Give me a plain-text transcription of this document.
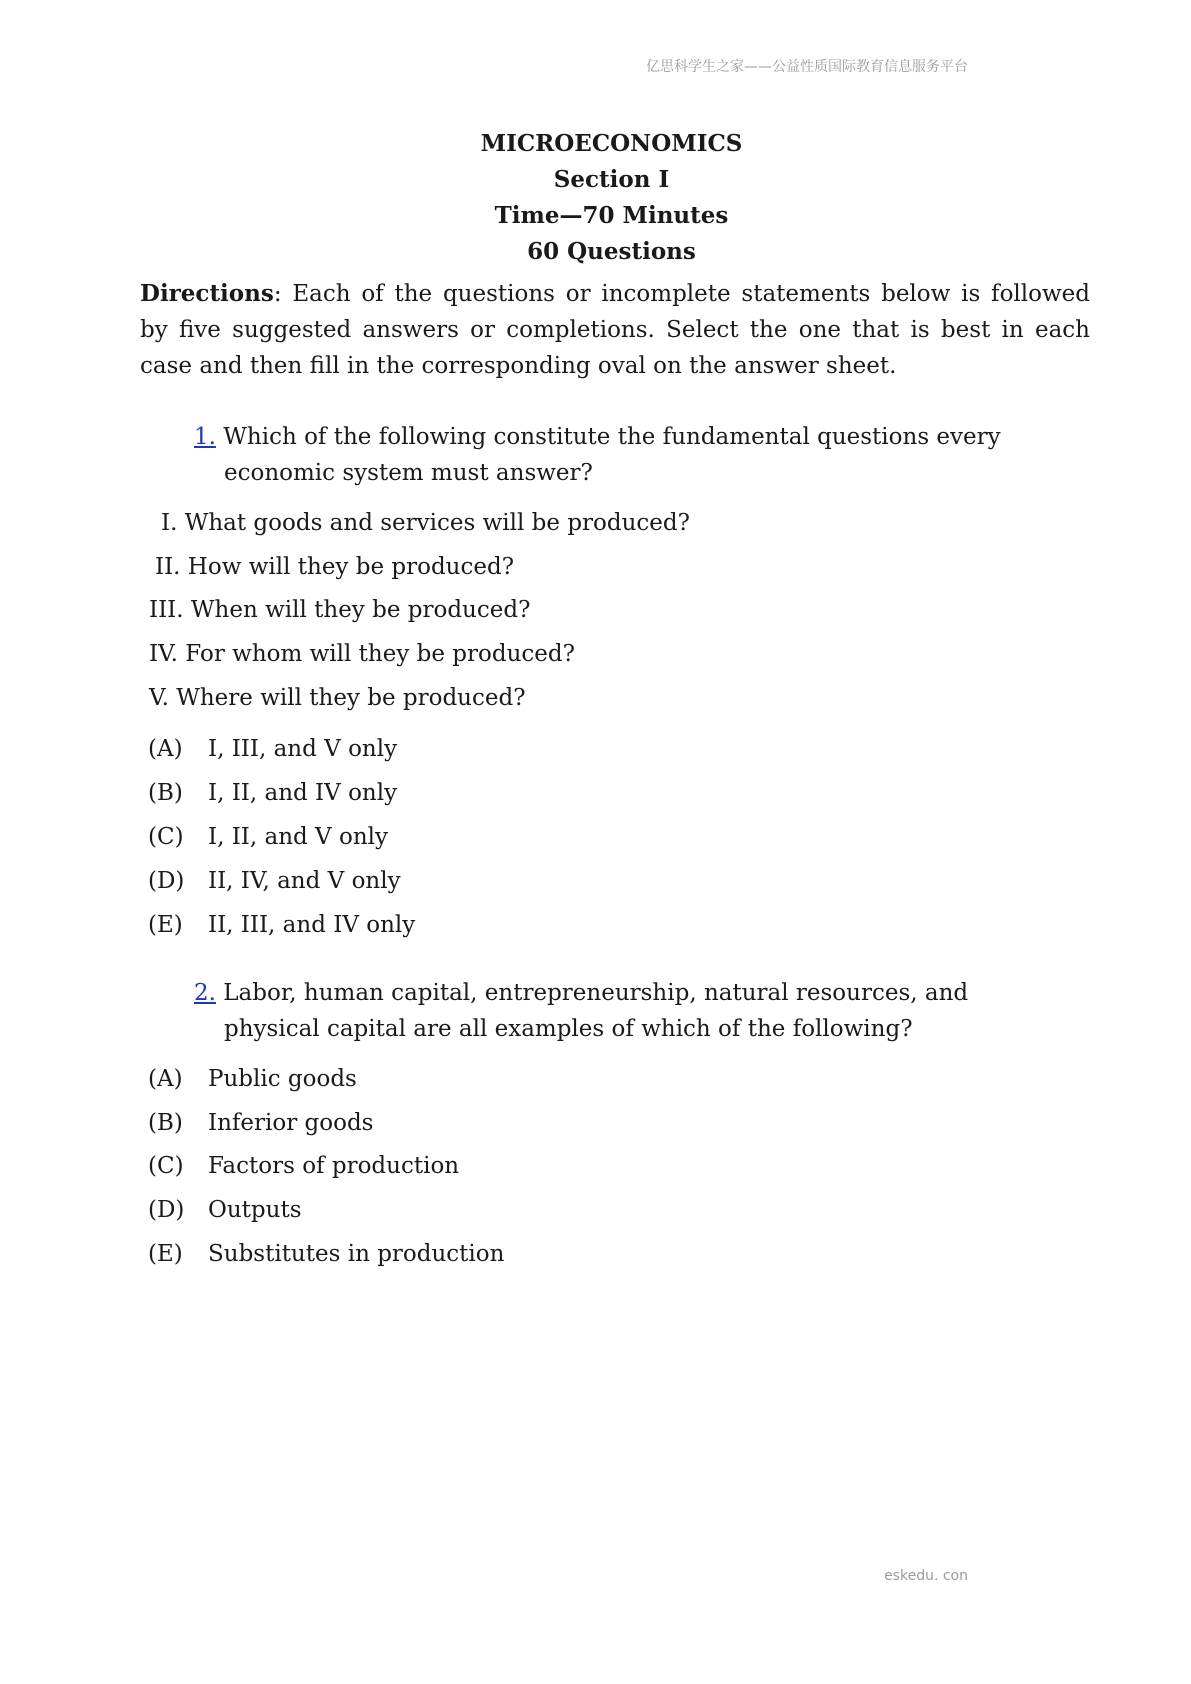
亿思科学生之家——公益性质国际教育信息服务平台
MICROECONOMICS
Section I
Time—70 Minutes
60 Questions
Directions: Each of the questions or incomplete statements below is followed by five suggested answers or completions. Select the one that is best in each case and then fill in the corresponding oval on the answer sheet.
1. Which of the following constitute the fundamental questions every
economic system must answer?
I. What goods and services will be produced?
II. How will they be produced?
III. When will they be produced?
IV. For whom will they be produced?
V. Where will they be produced?
(A) I, III, and V only
(B) I, II, and IV only
(C) I, II, and V only
(D) II, IV, and V only
(E) II, III, and IV only
2. Labor, human capital, entrepreneurship, natural resources, and
physical capital are all examples of which of the following?
(A) Public goods
(B) Inferior goods
(C) Factors of production
(D) Outputs
(E) Substitutes in production
eskedu. con
